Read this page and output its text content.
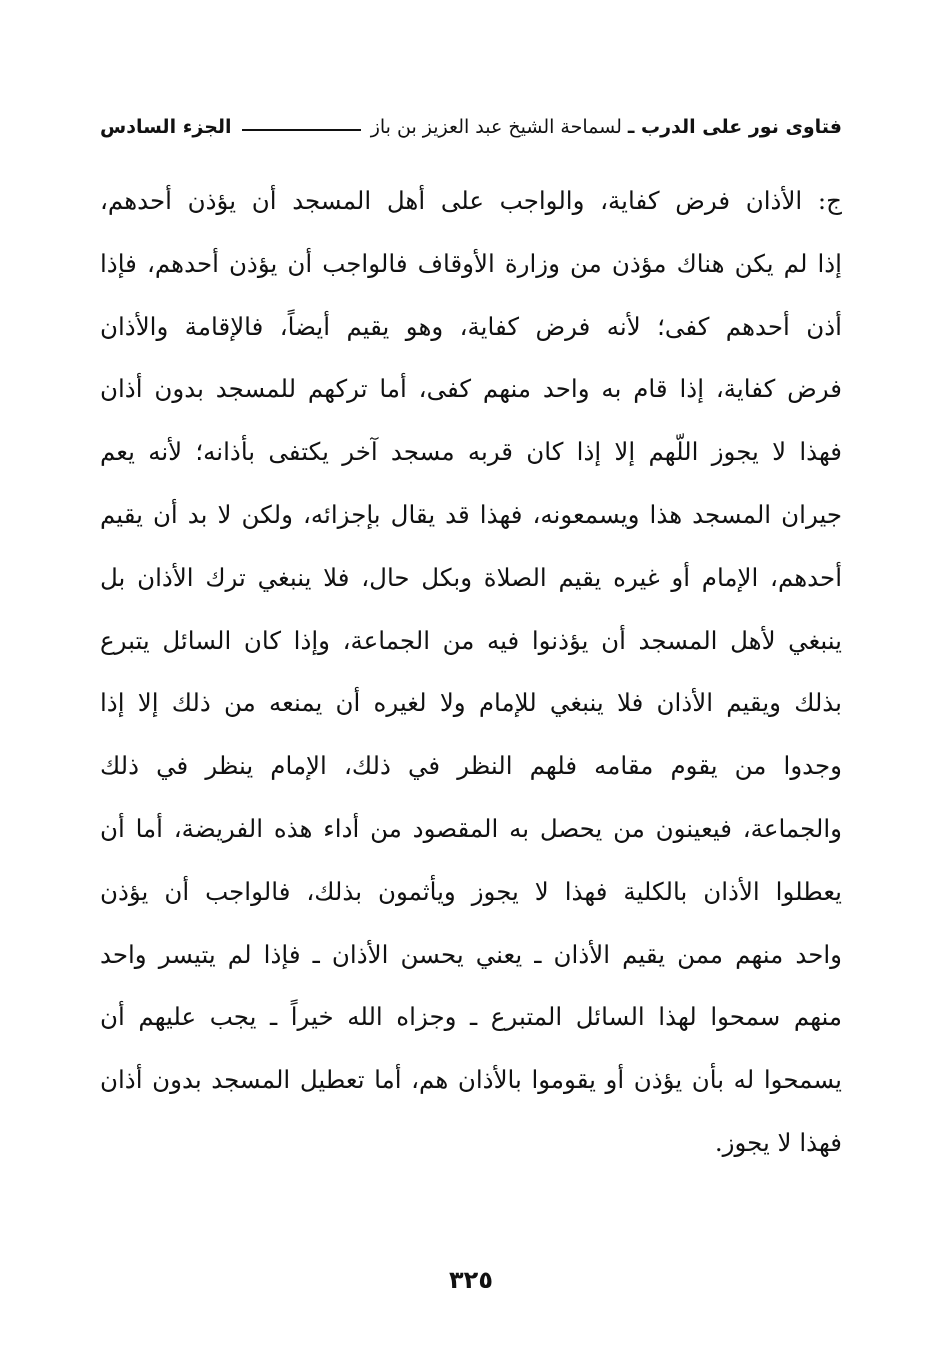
فتاوى نور على الدرب ـ
لسماحة الشيخ عبد العزيز بن باز
الجزء السادس
ج: الأذان فرض كفاية، والواجب على أهل المسجد أن يؤذن أحدهم،
إذا لم يكن هناك مؤذن من وزارة الأوقاف فالواجب أن يؤذن أحدهم، فإذا
أذن أحدهم كفى؛ لأنه فرض كفاية، وهو يقيم أيضاً، فالإقامة والأذان
فرض كفاية، إذا قام به واحد منهم كفى، أما تركهم للمسجد بدون أذان
فهذا لا يجوز اللّهم إلا إذا كان قربه مسجد آخر يكتفى بأذانه؛ لأنه يعم
جيران المسجد هذا ويسمعونه، فهذا قد يقال بإجزائه، ولكن لا بد أن يقيم
أحدهم، الإمام أو غيره يقيم الصلاة وبكل حال، فلا ينبغي ترك الأذان بل
ينبغي لأهل المسجد أن يؤذنوا فيه من الجماعة، وإذا كان السائل يتبرع
بذلك ويقيم الأذان فلا ينبغي للإمام ولا لغيره أن يمنعه من ذلك إلا إذا
وجدوا من يقوم مقامه فلهم النظر في ذلك، الإمام ينظر في ذلك
والجماعة، فيعينون من يحصل به المقصود من أداء هذه الفريضة، أما أن
يعطلوا الأذان بالكلية فهذا لا يجوز ويأثمون بذلك، فالواجب أن يؤذن
واحد منهم ممن يقيم الأذان ـ يعني يحسن الأذان ـ فإذا لم يتيسر واحد
منهم سمحوا لهذا السائل المتبرع ـ وجزاه الله خيراً ـ يجب عليهم أن
يسمحوا له بأن يؤذن أو يقوموا بالأذان هم، أما تعطيل المسجد بدون أذان
فهذا لا يجوز.
٣٢٥
